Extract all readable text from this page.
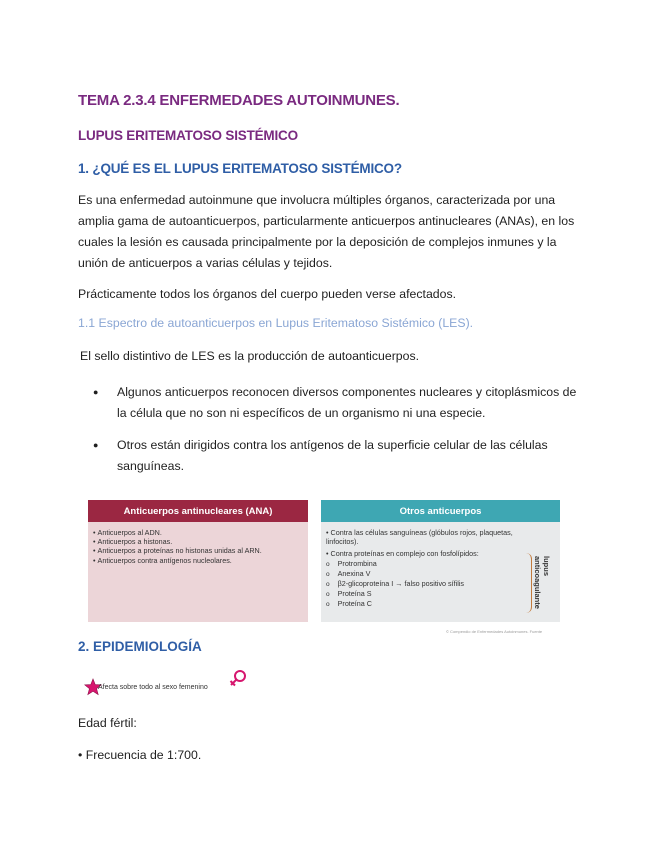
TEMA 2.3.4 ENFERMEDADES AUTOINMUNES.
LUPUS ERITEMATOSO SISTÉMICO
1. ¿QUÉ ES EL LUPUS ERITEMATOSO SISTÉMICO?
Es una enfermedad autoinmune que involucra múltiples órganos, caracterizada por una amplia gama de autoanticuerpos, particularmente anticuerpos antinucleares (ANAs), en los cuales la lesión es causada principalmente por la deposición de complejos inmunes y la unión de anticuerpos a varias células y tejidos.
Prácticamente todos los órganos del cuerpo pueden verse afectados.
1.1 Espectro de autoanticuerpos en Lupus Eritematoso Sistémico (LES).
El sello distintivo de LES es la producción de autoanticuerpos.
●	Algunos anticuerpos reconocen diversos componentes nucleares y citoplásmicos de la célula que no son ni específicos de un organismo ni una especie.
●	Otros están dirigidos contra los antígenos de la superficie celular de las células sanguíneas.
Anticuerpos antinucleares (ANA)
• Anticuerpos al ADN.
• Anticuerpos a histonas.
• Anticuerpos a proteínas no histonas unidas al ARN.
• Anticuerpos contra antígenos nucleolares.
Otros anticuerpos
• Contra las células sanguíneas (glóbulos rojos, plaquetas, linfocitos).
• Contra proteínas en complejo con fosfolípidos:
o Protrombina
o Anexina V
o β2-glicoproteína I → falso positivo sífilis
o Proteína S
o Proteína C
lupus anticoagulante
© Compendio de Enfermedades Autoinmunes. Fuente
2. EPIDEMIOLOGÍA
Afecta sobre todo al sexo femenino
Edad fértil:
• Frecuencia de 1:700.
